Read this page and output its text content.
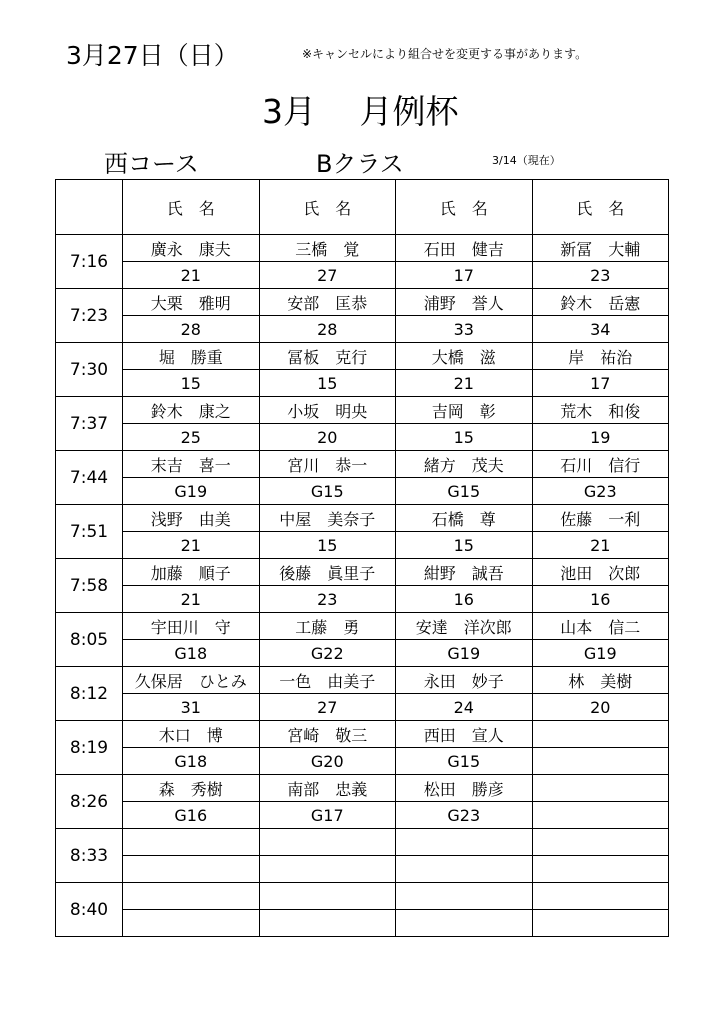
3月27日（日）	※キャンセルにより組合せを変更する事があります。
3月　 月例杯
西コース	Bクラス	3/14（現在）
	氏　名	氏　名	氏　名	氏　名
7:16	廣永　康夫	三橋　覚	石田　健吉	新冨　大輔
	21	27	17	23
7:23	大栗　雅明	安部　匡恭	浦野　誉人	鈴木　岳憲
	28	28	33	34
7:30	堀　勝重	冨板　克行	大橋　滋	岸　祐治
	15	15	21	17
7:37	鈴木　康之	小坂　明央	吉岡　彰	荒木　和俊
	25	20	15	19
7:44	末吉　喜一	宮川　恭一	緒方　茂夫	石川　信行
	G19	G15	G15	G23
7:51	浅野　由美	中屋　美奈子	石橋　尊	佐藤　一利
	21	15	15	21
7:58	加藤　順子	後藤　眞里子	紺野　誠吾	池田　次郎
	21	23	16	16
8:05	宇田川　守	工藤　勇	安達　洋次郎	山本　信二
	G18	G22	G19	G19
8:12	久保居　ひとみ	一色　由美子	永田　妙子	林　美樹
	31	27	24	20
8:19	木口　博	宮崎　敬三	西田　宣人	
	G18	G20	G15	
8:26	森　秀樹	南部　忠義	松田　勝彦	
	G16	G17	G23	
8:33				

8:40				
